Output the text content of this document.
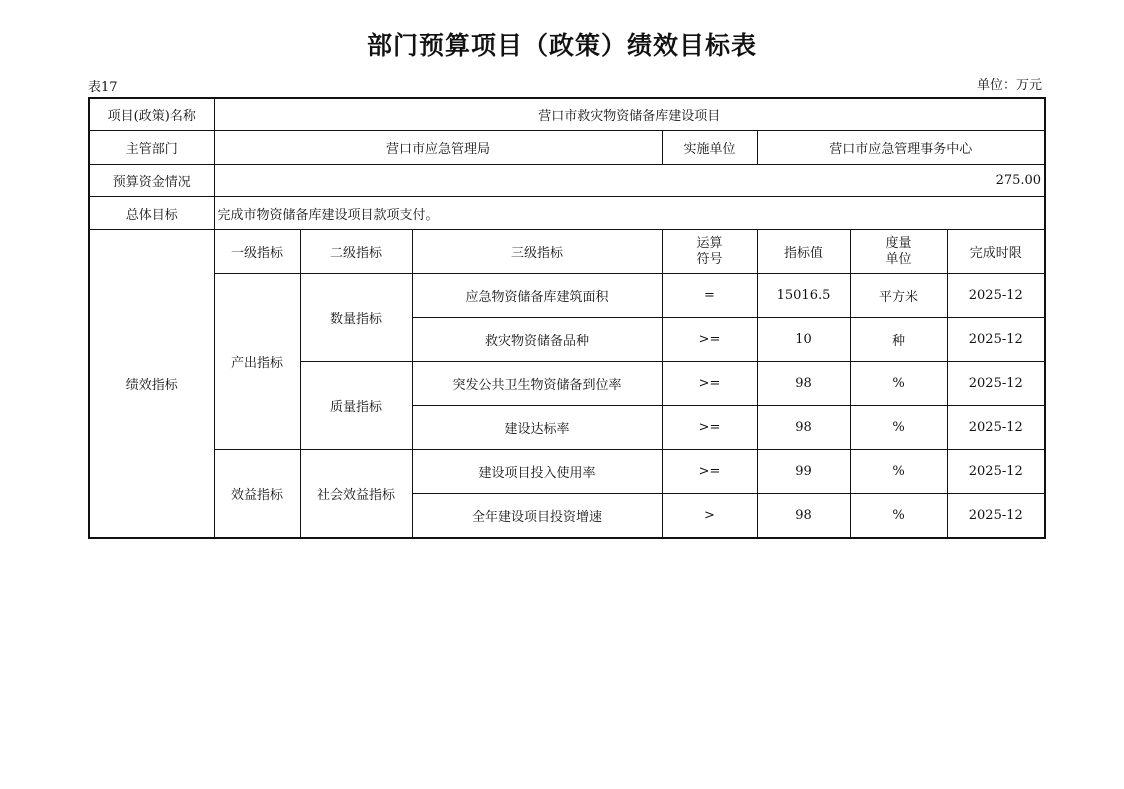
部门预算项目（政策）绩效目标表
表17	单位：万元
项目(政策)名称	营口市救灾物资储备库建设项目						
主管部门	营口市应急管理局			实施单位	营口市应急管理事务中心		
预算资金情况	275.00						
总体目标	完成市物资储备库建设项目款项支付。						
绩效指标	一级指标	二级指标	三级指标	运算符号	指标值	度量单位	完成时限
	产出指标	数量指标	应急物资储备库建筑面积	=	15016.5	平方米	2025-12
			救灾物资储备品种	>=	10	种	2025-12
		质量指标	突发公共卫生物资储备到位率	>=	98	%	2025-12
			建设达标率	>=	98	%	2025-12
	效益指标	社会效益指标	建设项目投入使用率	>=	99	%	2025-12
			全年建设项目投资增速	>	98	%	2025-12
